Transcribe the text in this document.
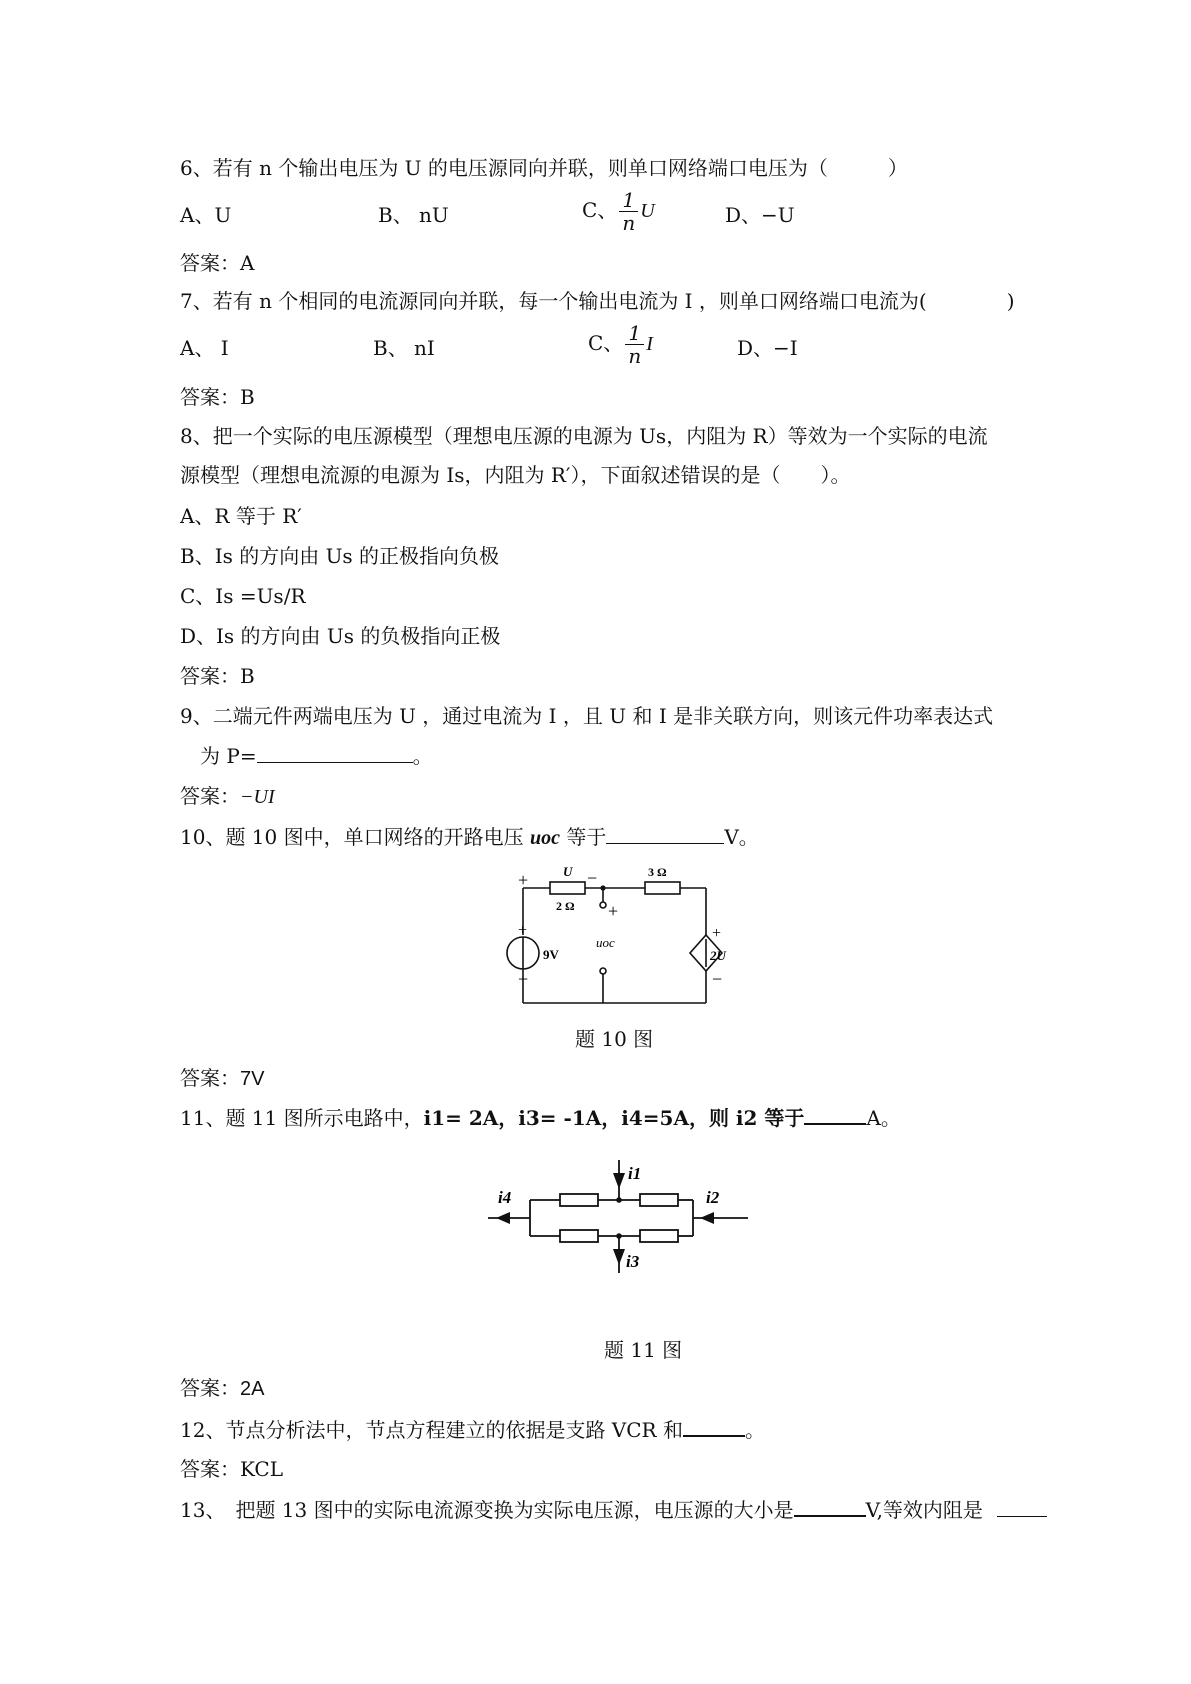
6、若有 n 个输出电压为 U 的电压源同向并联，则单口网络端口电压为（　　　）
A、U	B、 nU	C、 $\frac{1}{n}$ U	D、−U
答案：A
7、若有 n 个相同的电流源同向并联，每一个输出电流为 I ，则单口网络端口电流为(　　　　)
A、 I	B、 nI	C、 $\frac{1}{n}$ I	D、−I
答案：B
8、把一个实际的电压源模型（理想电压源的电源为 Us，内阻为 R）等效为一个实际的电流
源模型（理想电流源的电源为 Is，内阻为 R′），下面叙述错误的是（　　）。
A、R 等于 R′
B、Is 的方向由 Us 的正极指向负极
C、Is =Us/R
D、Is 的方向由 Us 的负极指向正极
答案：B
9、二端元件两端电压为 U ，通过电流为 I ，且 U 和 I 是非关联方向，则该元件功率表达式
为 P=	。
答案：−UI
10、题 10 图中，单口网络的开路电压 uoc 等于	V。
+	U −
2 Ω
3 Ω
+
uoc
+
9V
−
+
2U
−
题 10 图
答案：7V
11、题 11 图所示电路中，i1= 2A，i3= -1A，i4=5A，则 i2 等于	A。
i4	i2
i1
i3
题 11 图
答案：2A
12、节点分析法中，节点方程建立的依据是支路 VCR 和	。
答案：KCL
13、　把题 13 图中的实际电流源变换为实际电压源，电压源的大小是	V,等效内阻是
